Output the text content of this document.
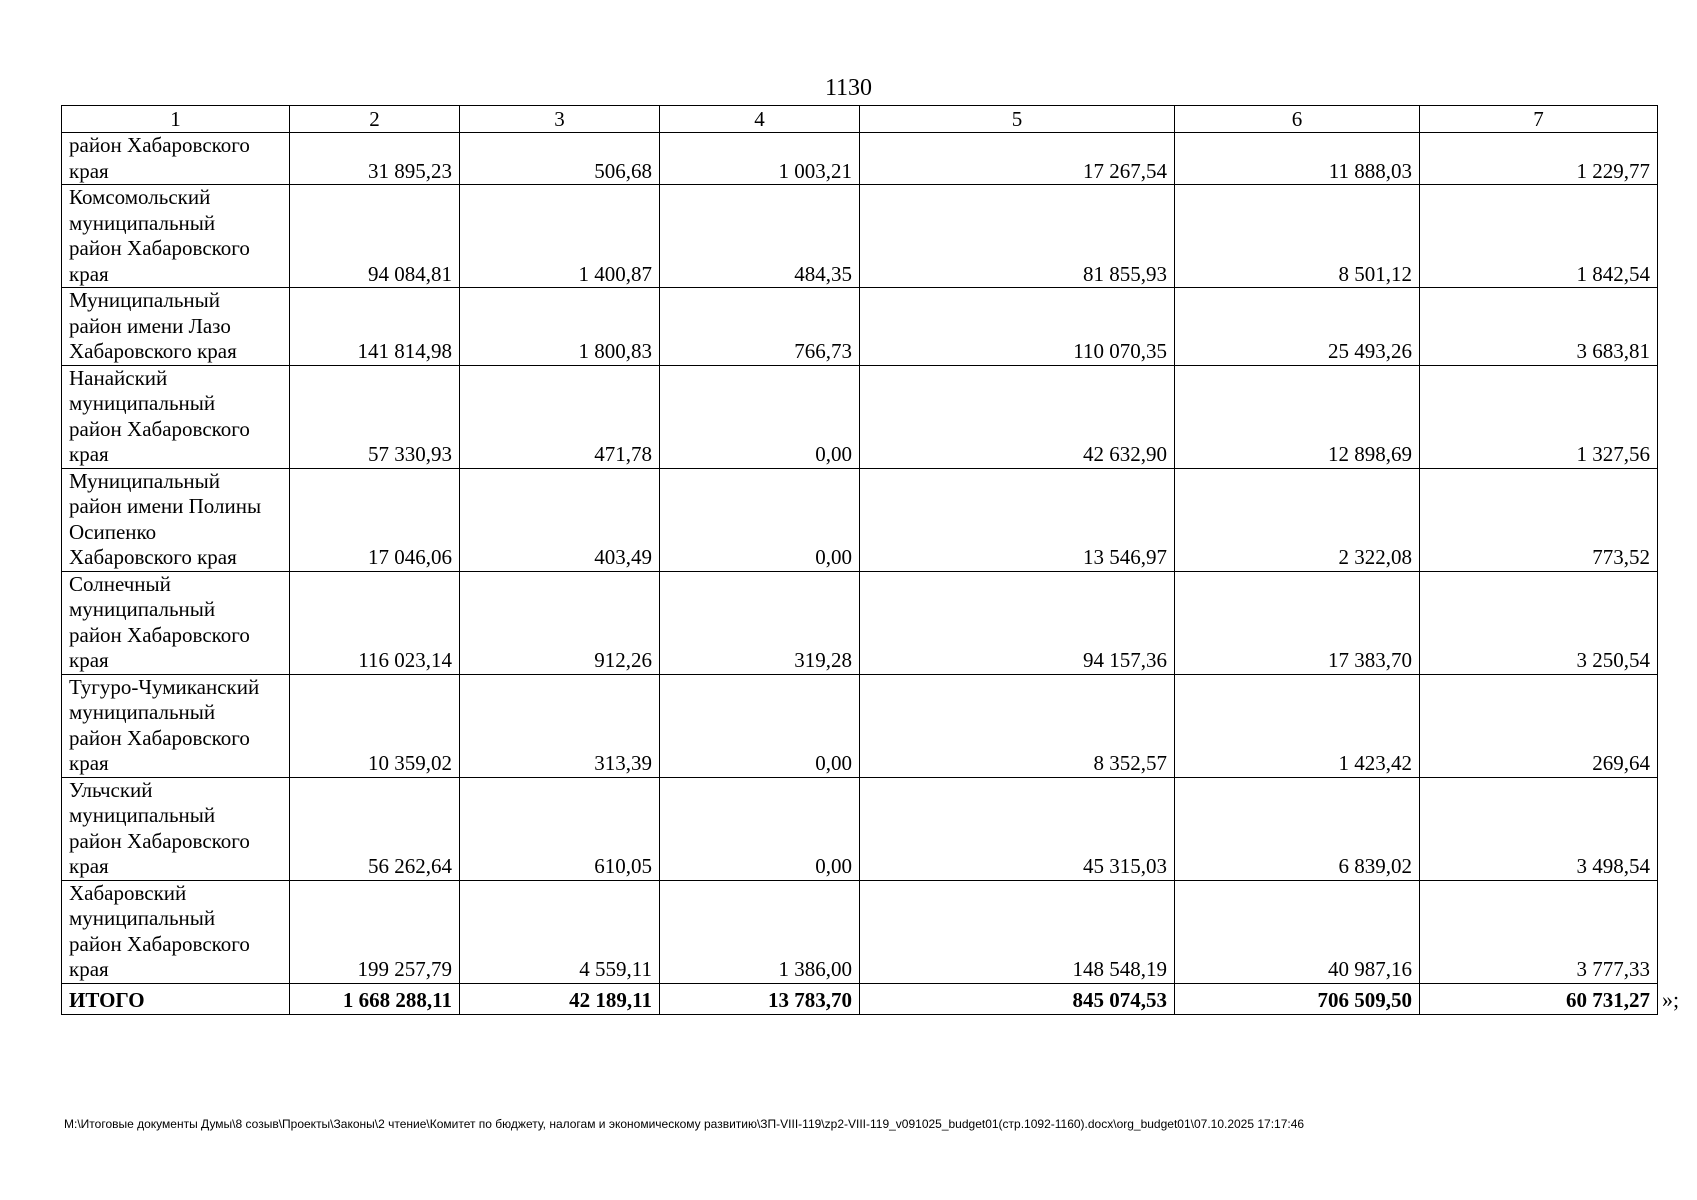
1130
1	2	3	4	5	6	7

район Хабаровского
края	31 895,23	506,68	1 003,21	17 267,54	11 888,03	1 229,77

Комсомольский
муниципальный
район Хабаровского
края	94 084,81	1 400,87	484,35	81 855,93	8 501,12	1 842,54

Муниципальный
район имени Лазо
Хабаровского края	141 814,98	1 800,83	766,73	110 070,35	25 493,26	3 683,81

Нанайский
муниципальный
район Хабаровского
края	57 330,93	471,78	0,00	42 632,90	12 898,69	1 327,56

Муниципальный
район имени Полины
Осипенко
Хабаровского края	17 046,06	403,49	0,00	13 546,97	2 322,08	773,52

Солнечный
муниципальный
район Хабаровского
края	116 023,14	912,26	319,28	94 157,36	17 383,70	3 250,54

Тугуро-Чумиканский
муниципальный
район Хабаровского
края	10 359,02	313,39	0,00	8 352,57	1 423,42	269,64

Ульчский
муниципальный
район Хабаровского
края	56 262,64	610,05	0,00	45 315,03	6 839,02	3 498,54

Хабаровский
муниципальный
район Хабаровского
края	199 257,79	4 559,11	1 386,00	148 548,19	40 987,16	3 777,33
ИТОГО	1 668 288,11	42 189,11	13 783,70	845 074,53	706 509,50	60 731,27 »;
M:\Итоговые документы Думы\8 созыв\Проекты\Законы\2 чтение\Комитет по бюджету, налогам и экономическому развитию\ЗП-VIII-119\zp2-VIII-119_v091025_budget01(стр.1092-1160).docx\org_budget01\07.10.2025 17:17:46
